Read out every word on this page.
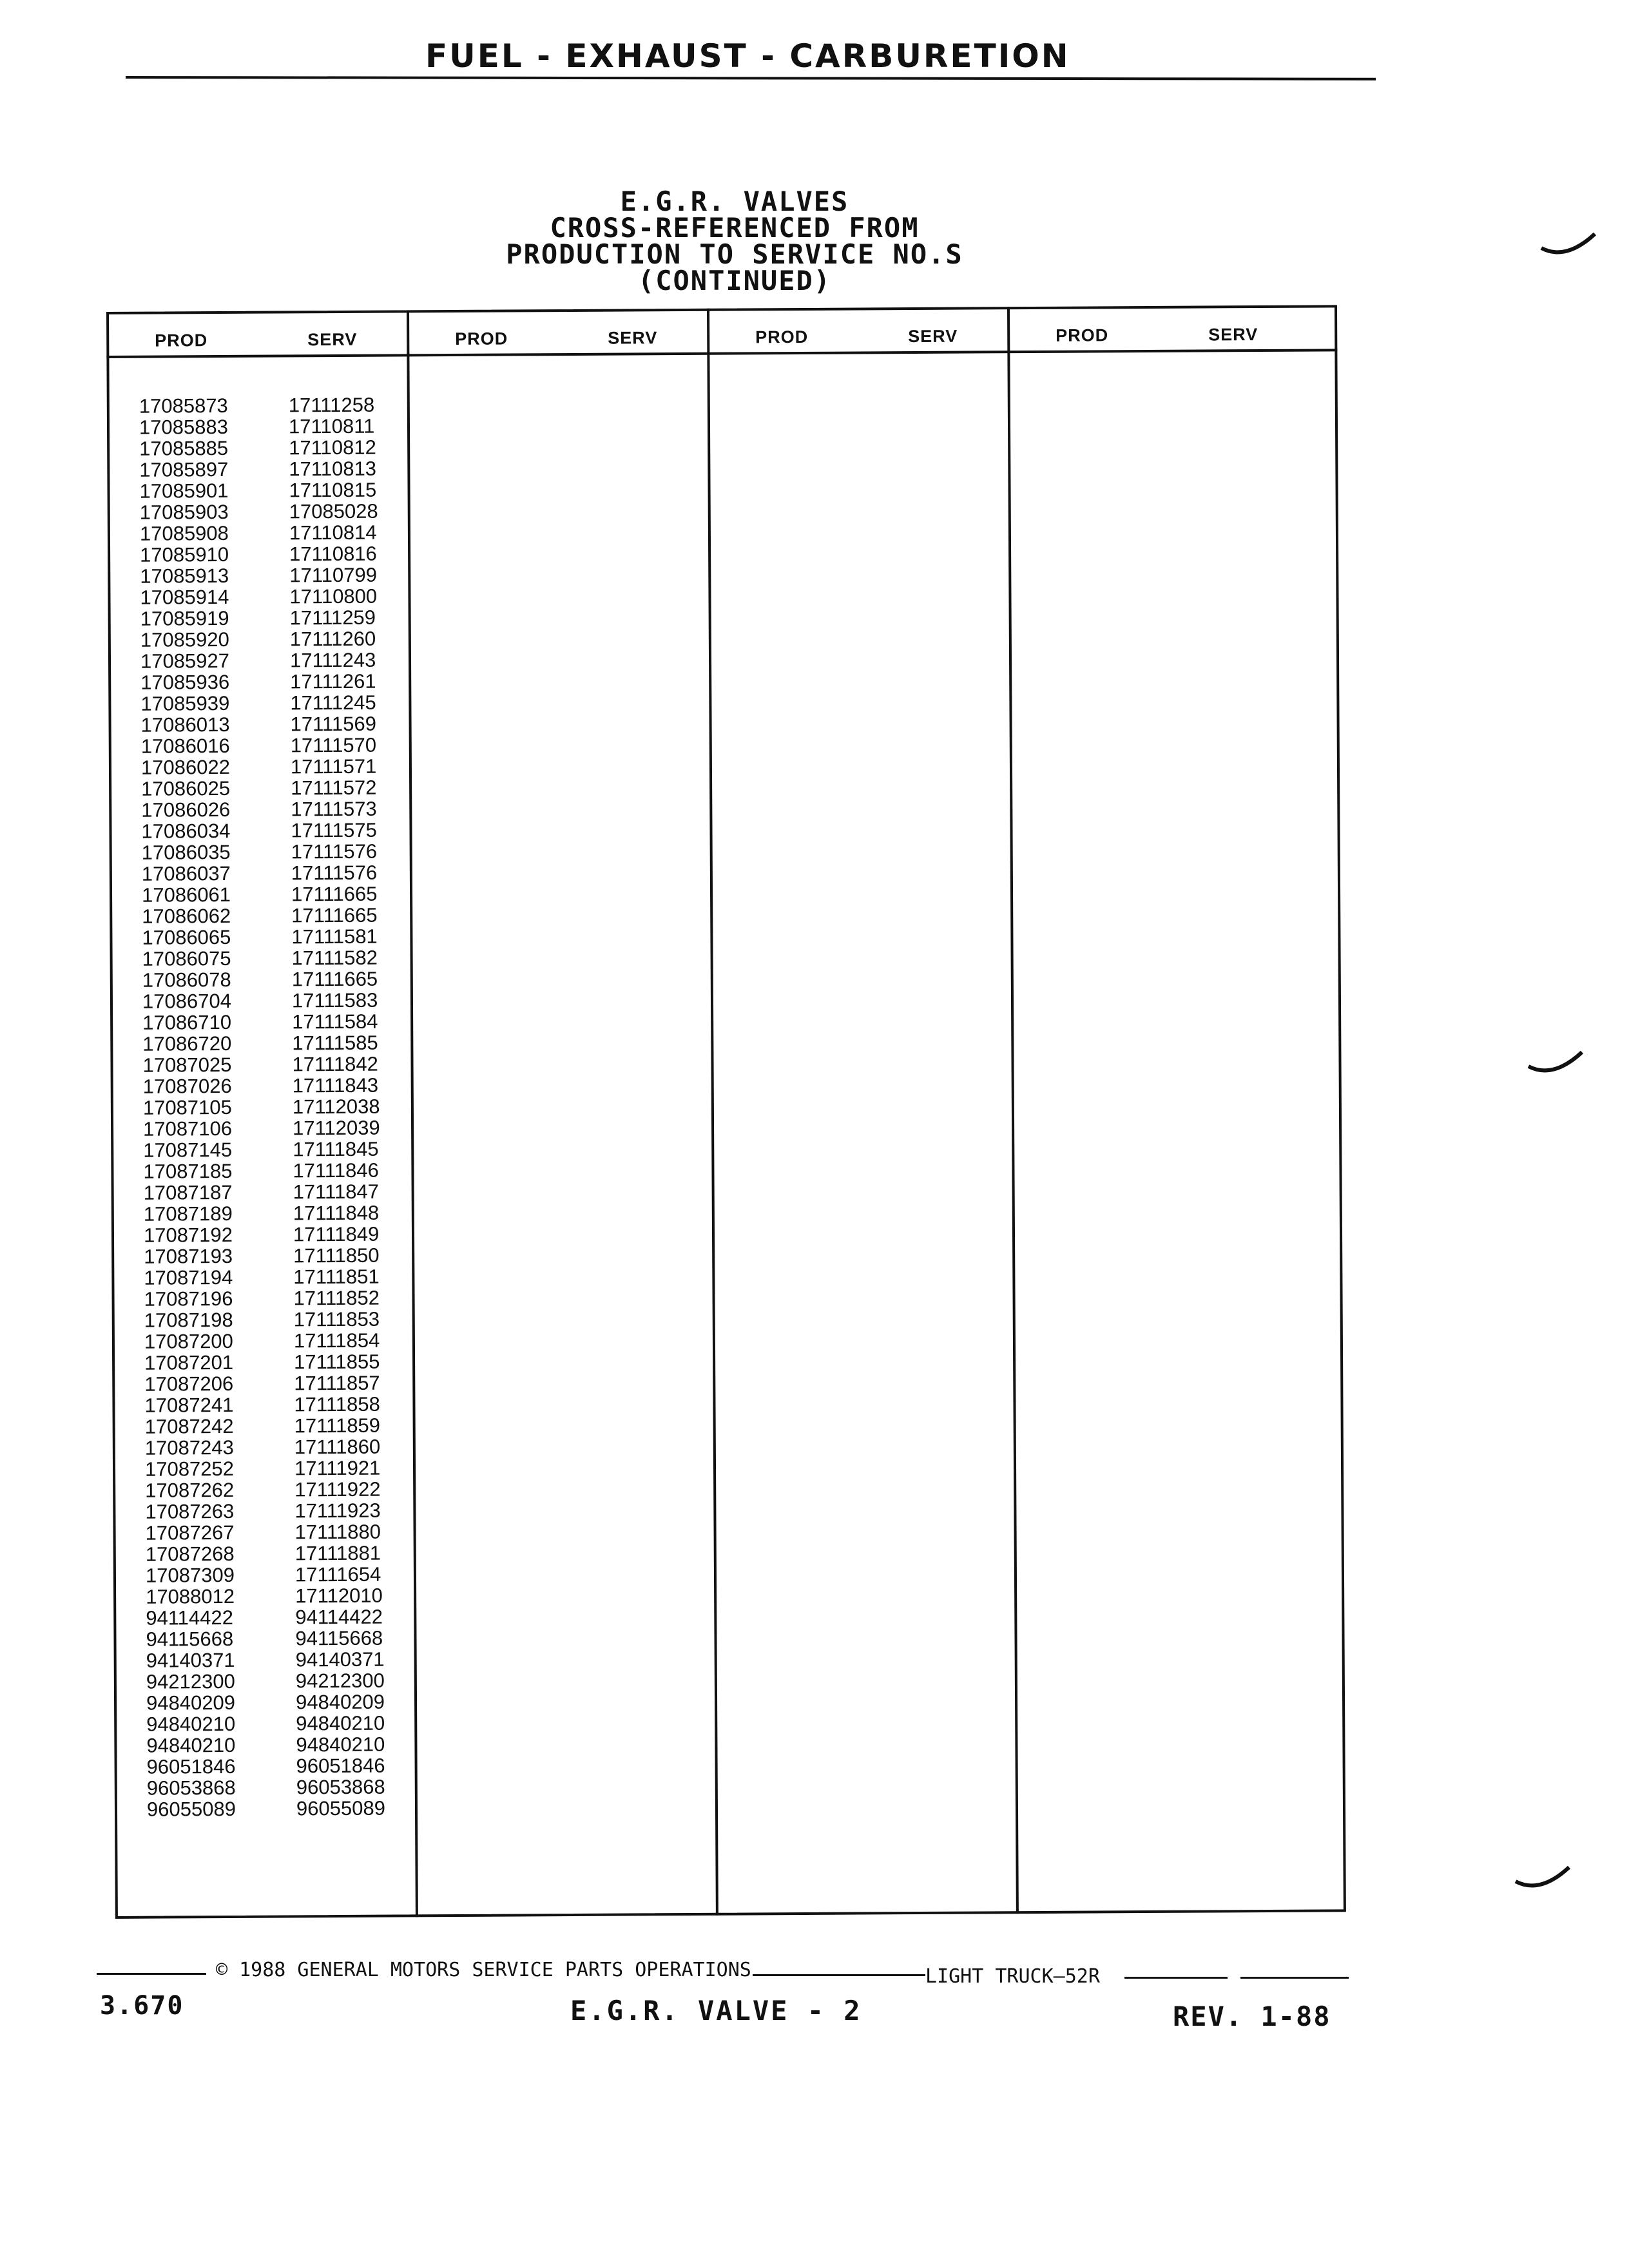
FUEL - EXHAUST - CARBURETION
E.G.R. VALVES
CROSS-REFERENCED FROM
PRODUCTION TO SERVICE NO.S
(CONTINUED)
PROD	SERV	PROD	SERV	PROD	SERV	PROD	SERV
17085873	17111258
17085883	17110811
17085885	17110812
17085897	17110813
17085901	17110815
17085903	17085028
17085908	17110814
17085910	17110816
17085913	17110799
17085914	17110800
17085919	17111259
17085920	17111260
17085927	17111243
17085936	17111261
17085939	17111245
17086013	17111569
17086016	17111570
17086022	17111571
17086025	17111572
17086026	17111573
17086034	17111575
17086035	17111576
17086037	17111576
17086061	17111665
17086062	17111665
17086065	17111581
17086075	17111582
17086078	17111665
17086704	17111583
17086710	17111584
17086720	17111585
17087025	17111842
17087026	17111843
17087105	17112038
17087106	17112039
17087145	17111845
17087185	17111846
17087187	17111847
17087189	17111848
17087192	17111849
17087193	17111850
17087194	17111851
17087196	17111852
17087198	17111853
17087200	17111854
17087201	17111855
17087206	17111857
17087241	17111858
17087242	17111859
17087243	17111860
17087252	17111921
17087262	17111922
17087263	17111923
17087267	17111880
17087268	17111881
17087309	17111654
17088012	17112010
94114422	94114422
94115668	94115668
94140371	94140371
94212300	94212300
94840209	94840209
94840210	94840210
94840210	94840210
96051846	96051846
96053868	96053868
96055089	96055089
© 1988 GENERAL MOTORS SERVICE PARTS OPERATIONS	LIGHT TRUCK—52R
3.670	E.G.R. VALVE - 2	REV. 1-88
